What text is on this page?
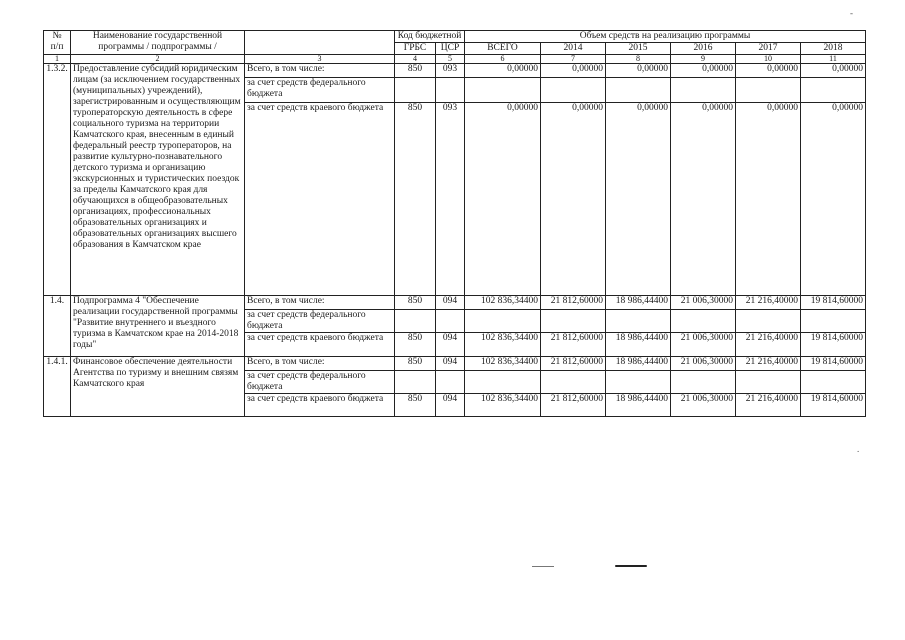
№
п/п	Наименование государственной программы / подпрограммы /		Код бюджетной		Объем средств на реализацию программы					
			ГРБС	ЦСР	ВСЕГО	2014	2015	2016	2017	2018
1	2	3	4	5	6	7	8	9	10	11
1.3.2.	Предоставление субсидий юридическим лицам (за исключением государственных (муниципальных) учреждений), зарегистрированным и осуществляющим туроператорскую деятельность в сфере социального туризма на территории Камчатского края, внесенным в единый федеральный реестр туроператоров, на развитие культурно-познавательного детского туризма и организацию экскурсионных и туристических поездок за пределы Камчатского края для обучающихся в общеобразовательных организациях, профессиональных образовательных организациях и образовательных организациях высшего образования в Камчатском крае	Всего, в том числе:	850	093	0,00000	0,00000	0,00000	0,00000	0,00000	0,00000
		за счет средств федерального бюджета								
		за счет средств краевого бюджета	850	093	0,00000	0,00000	0,00000	0,00000	0,00000	0,00000
1.4.	Подпрограмма 4 "Обеспечение реализации государственной программы "Развитие внутреннего и въездного туризма в Камчатском крае на 2014-2018 годы"	Всего, в том числе:	850	094	102 836,34400	21 812,60000	18 986,44400	21 006,30000	21 216,40000	19 814,60000
		за счет средств федерального бюджета								
		за счет средств краевого бюджета	850	094	102 836,34400	21 812,60000	18 986,44400	21 006,30000	21 216,40000	19 814,60000
1.4.1.	Финансовое обеспечение деятельности Агентства по туризму и внешним связям Камчатского края	Всего, в том числе:	850	094	102 836,34400	21 812,60000	18 986,44400	21 006,30000	21 216,40000	19 814,60000
		за счет средств федерального бюджета								
		за счет средств краевого бюджета	850	094	102 836,34400	21 812,60000	18 986,44400	21 006,30000	21 216,40000	19 814,60000
-
.
